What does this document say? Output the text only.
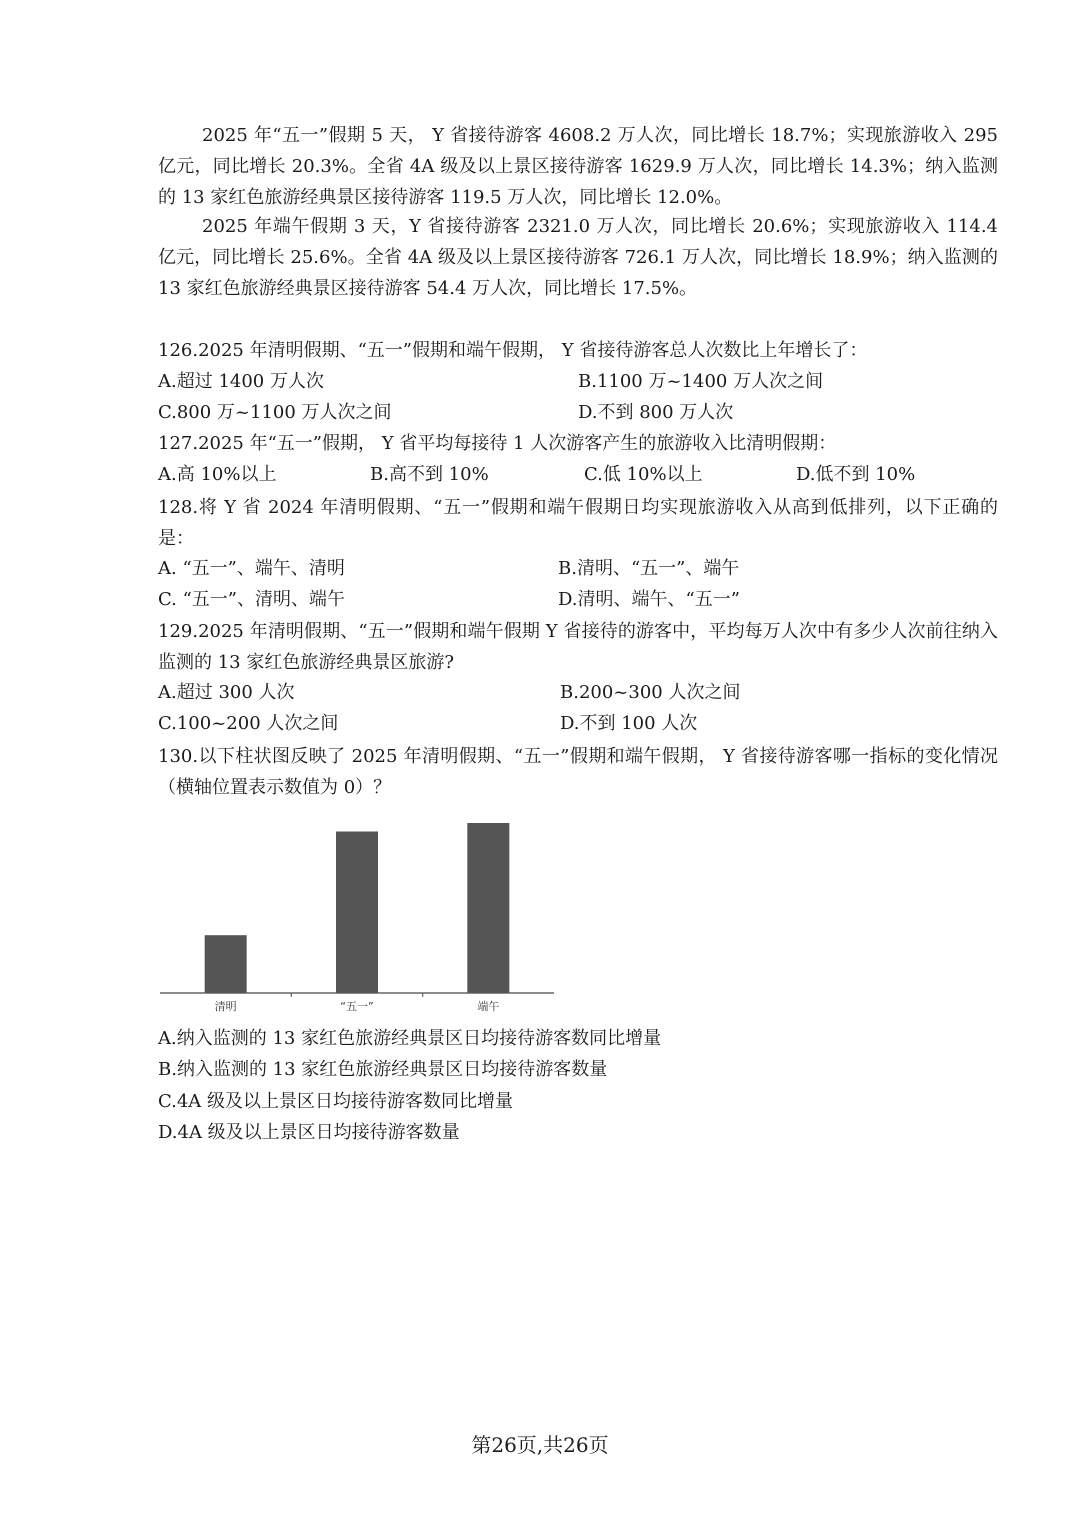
2025 年“五一”假期 5 天， Y 省接待游客 4608.2 万人次，同比增长 18.7%；实现旅游收入 295 亿元，同比增长 20.3%。全省 4A 级及以上景区接待游客 1629.9 万人次，同比增长 14.3%；纳入监测的 13 家红色旅游经典景区接待游客 119.5 万人次，同比增长 12.0%。

2025 年端午假期 3 天，Y 省接待游客 2321.0 万人次，同比增长 20.6%；实现旅游收入 114.4 亿元，同比增长 25.6%。全省 4A 级及以上景区接待游客 726.1 万人次，同比增长 18.9%；纳入监测的 13 家红色旅游经典景区接待游客 54.4 万人次，同比增长 17.5%。

126.2025 年清明假期、“五一”假期和端午假期， Y 省接待游客总人次数比上年增长了：

A.超过 1400 万人次	B.1100 万~1400 万人次之间
C.800 万~1100 万人次之间	D.不到 800 万人次

127.2025 年“五一”假期， Y 省平均每接待 1 人次游客产生的旅游收入比清明假期：

A.高 10%以上	B.高不到 10%	C.低 10%以上	D.低不到 10%

128.将 Y 省 2024 年清明假期、“五一”假期和端午假期日均实现旅游收入从高到低排列，以下正确的是：

A. “五一”、端午、清明	B.清明、“五一”、端午
C. “五一”、清明、端午	D.清明、端午、“五一”

129.2025 年清明假期、“五一”假期和端午假期 Y 省接待的游客中，平均每万人次中有多少人次前往纳入监测的 13 家红色旅游经典景区旅游?

A.超过 300 人次	B.200~300 人次之间
C.100~200 人次之间	D.不到 100 人次

130.以下柱状图反映了 2025 年清明假期、“五一”假期和端午假期， Y 省接待游客哪一指标的变化情况（横轴位置表示数值为 0）？

清明	“五一”	端午
A.纳入监测的 13 家红色旅游经典景区日均接待游客数同比增量
B.纳入监测的 13 家红色旅游经典景区日均接待游客数量
C.4A 级及以上景区日均接待游客数同比增量
D.4A 级及以上景区日均接待游客数量
第26页,共26页
